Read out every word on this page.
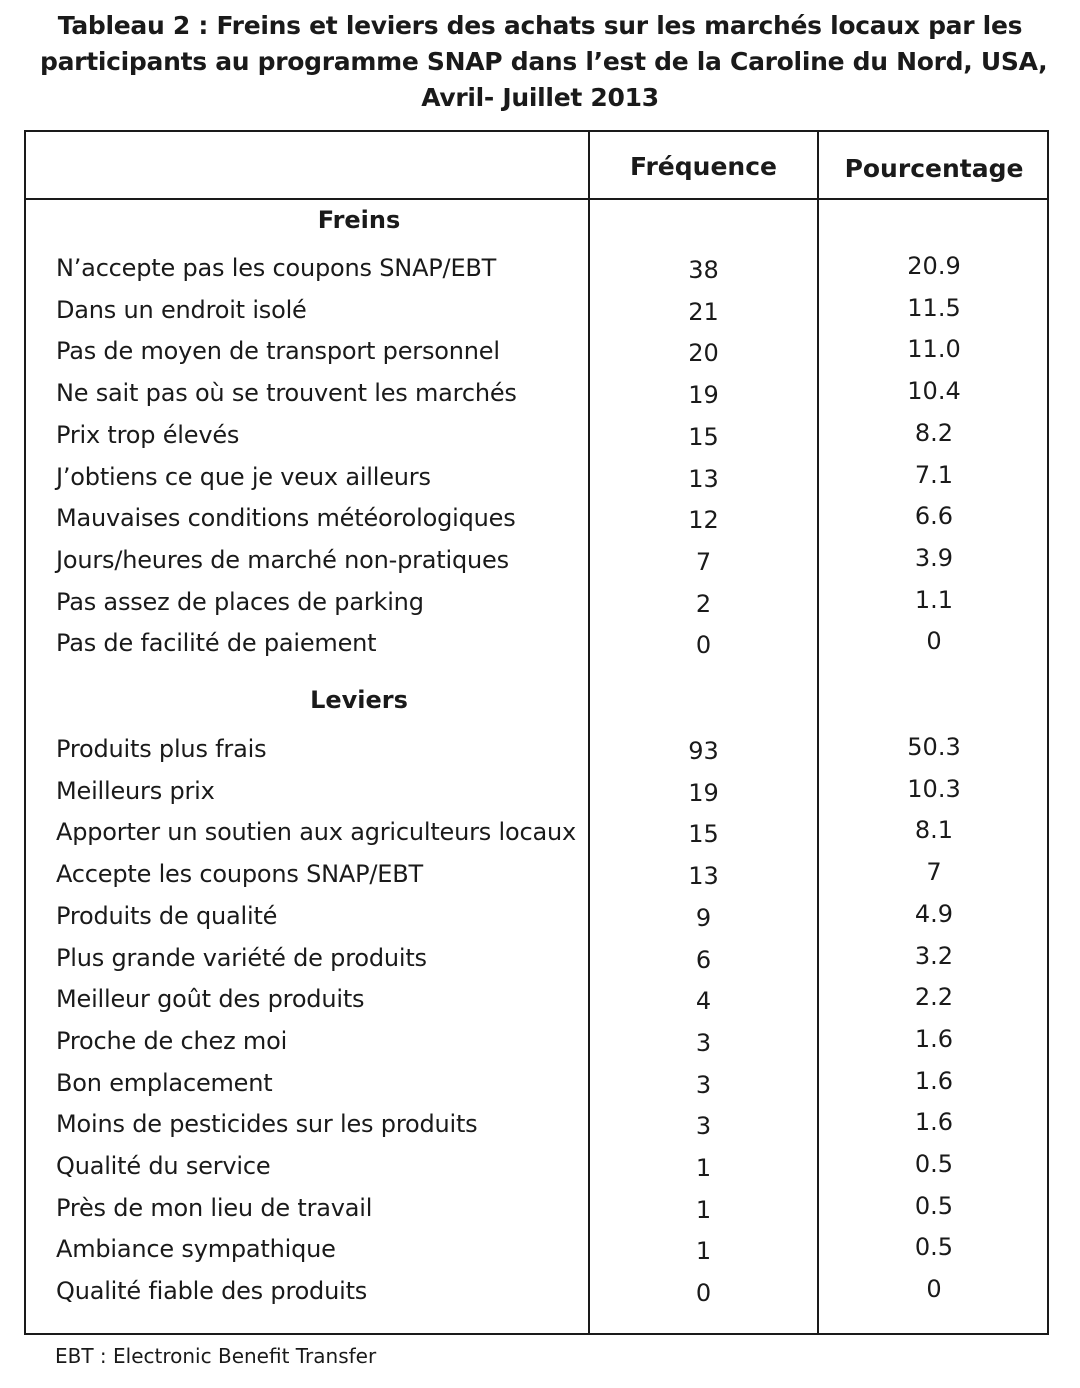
Tableau 2 : Freins et leviers des achats sur les marchés locaux par les
participants au programme SNAP dans l’est de la Caroline du Nord, USA,
Avril- Juillet 2013
Fréquence	Pourcentage
Freins
N’accepte pas les coupons SNAP/EBT	38	20.9
Dans un endroit isolé	21	11.5
Pas de moyen de transport personnel	20	11.0
Ne sait pas où se trouvent les marchés	19	10.4
Prix trop élevés	15	8.2
J’obtiens ce que je veux ailleurs	13	7.1
Mauvaises conditions météorologiques	12	6.6
Jours/heures de marché non-pratiques	7	3.9
Pas assez de places de parking	2	1.1
Pas de facilité de paiement	0	0
Leviers
Produits plus frais	93	50.3
Meilleurs prix	19	10.3
Apporter un soutien aux agriculteurs locaux	15	8.1
Accepte les coupons SNAP/EBT	13	7
Produits de qualité	9	4.9
Plus grande variété de produits	6	3.2
Meilleur goût des produits	4	2.2
Proche de chez moi	3	1.6
Bon emplacement	3	1.6
Moins de pesticides sur les produits	3	1.6
Qualité du service	1	0.5
Près de mon lieu de travail	1	0.5
Ambiance sympathique	1	0.5
Qualité fiable des produits	0	0
EBT : Electronic Benefit Transfer
